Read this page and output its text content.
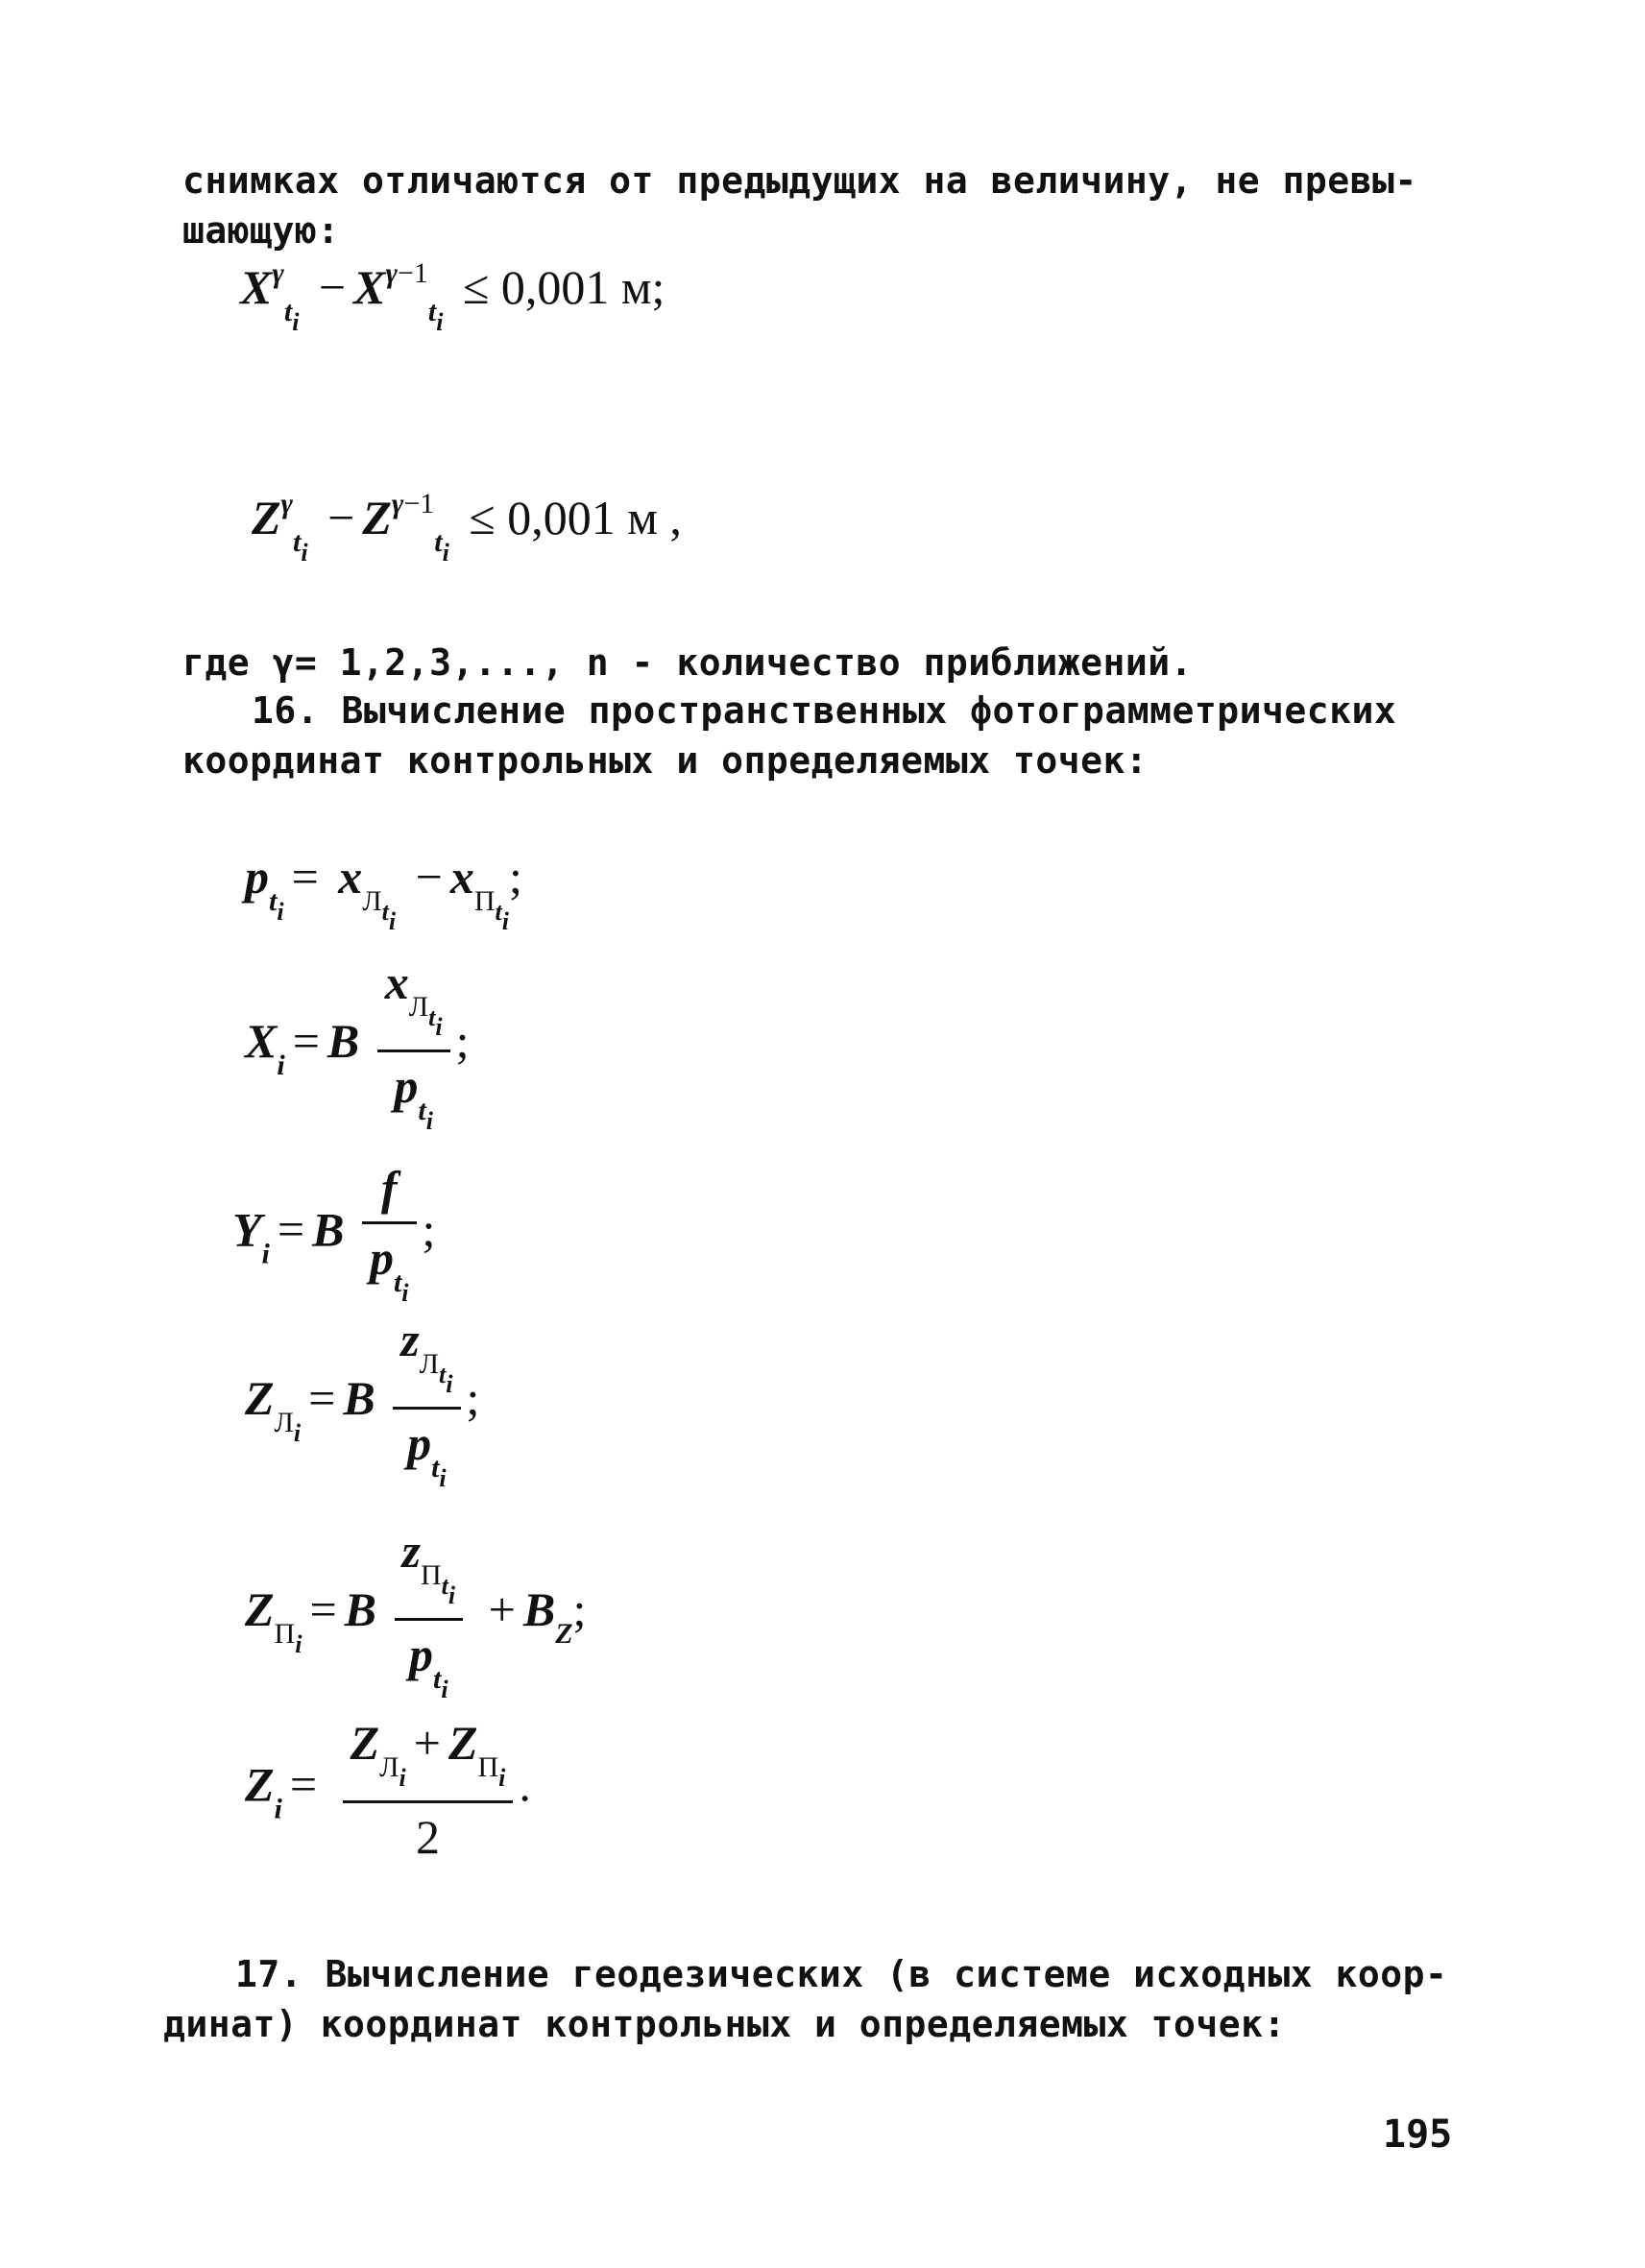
снимках отличаются от предыдущих на величину, не превы-
шающую:
$X^\gamma_{t_i} - X^{\gamma-1}_{t_i} \le 0,001$ м;
$Z^\gamma_{t_i} - Z^{\gamma-1}_{t_i} \le 0,001$ м ,
где γ= 1,2,3,..., n - количество приближений.
16. Вычисление пространственных фотограмметрических
координат контрольных и определяемых точек:
$p_{t_i}= x_{Л_{t_i}} - x_{П_{t_i}}$;
$X_i = B \frac{x_{Л_{t_i}}}{p_{t_i}}$ ;
$Y_i = B \frac{f}{p_{t_i}}$ ;
$Z_{Л_i}= B \frac{z_{Л_{t_i}}}{p_{t_i}}$ ;
$Z_{П_i}= B \frac{z_{П_{t_i}}}{p_{t_i}} + B_Z$;
$Z_i = \frac{Z_{Л_i}+ Z_{П_i}}{2}$ .
17. Вычисление геодезических (в системе исходных коор-
динат) координат контрольных и определяемых точек:
195
